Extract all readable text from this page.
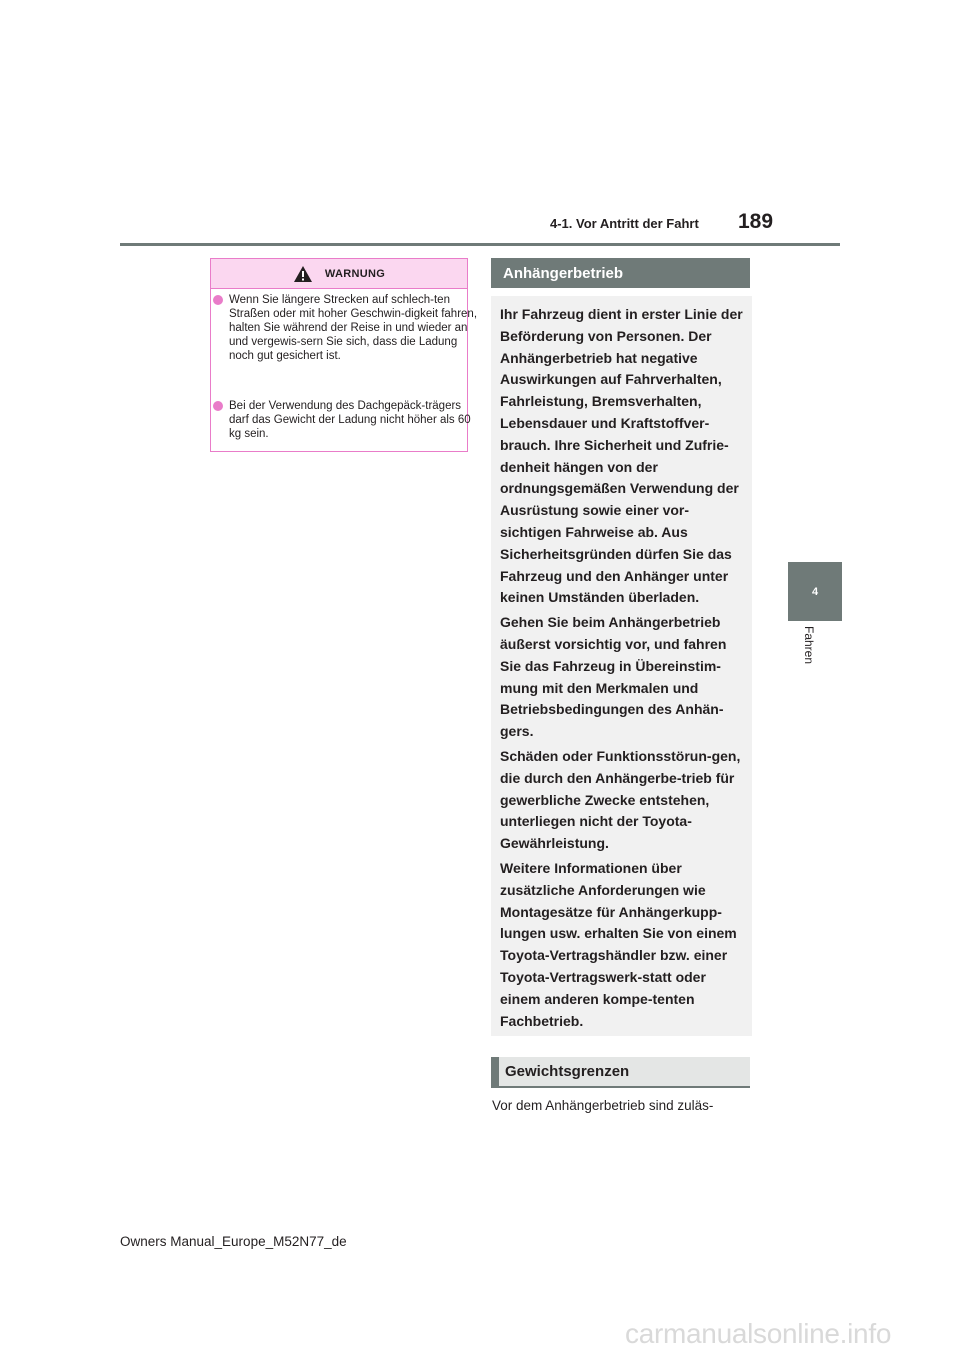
4-1. Vor Antritt der Fahrt 189
4
Fahren
WARNUNG
Wenn Sie längere Strecken auf schlech-ten Straßen oder mit hoher Geschwin-digkeit fahren, halten Sie während der Reise in und wieder an und vergewis-sern Sie sich, dass die Ladung noch gut gesichert ist.
Bei der Verwendung des Dachgepäck-trägers darf das Gewicht der Ladung nicht höher als 60 kg sein.
Anhängerbetrieb

Ihr Fahrzeug dient in erster Linie der Beförderung von Personen. Der Anhängerbetrieb hat negative Auswirkungen auf Fahrverhalten, Fahrleistung, Bremsverhalten, Lebensdauer und Kraftstoffver-brauch. Ihre Sicherheit und Zufrie-denheit hängen von der ordnungsgemäßen Verwendung der Ausrüstung sowie einer vor-sichtigen Fahrweise ab. Aus Sicherheitsgründen dürfen Sie das Fahrzeug und den Anhänger unter keinen Umständen überladen.

Gehen Sie beim Anhängerbetrieb äußerst vorsichtig vor, und fahren Sie das Fahrzeug in Übereinstim-mung mit den Merkmalen und Betriebsbedingungen des Anhän-gers.

Schäden oder Funktionsstörun-gen, die durch den Anhängerbe-trieb für gewerbliche Zwecke entstehen, unterliegen nicht der Toyota-Gewährleistung.

Weitere Informationen über zusätzliche Anforderungen wie Montagesätze für Anhängerkupp-lungen usw. erhalten Sie von einem Toyota-Vertragshändler bzw. einer Toyota-Vertragswerk-statt oder einem anderen kompe-tenten Fachbetrieb.

Gewichtsgrenzen
Vor dem Anhängerbetrieb sind zuläs-
Owners Manual_Europe_M52N77_de
carmanualsonline.info
